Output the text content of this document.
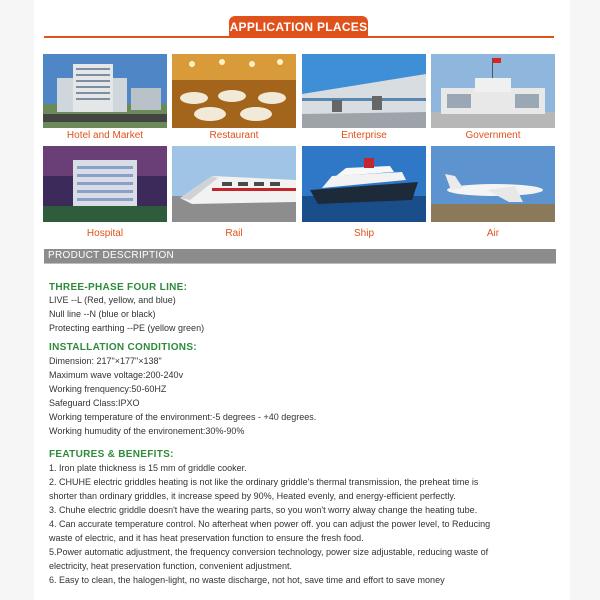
APPLICATION PLACES
Hotel and Market	Restaurant	Enterprise	Government
Hospital	Rail	Ship	Air
PRODUCT DESCRIPTION
THREE-PHASE FOUR LINE:
LIVE --L (Red, yellow, and blue)
Null line --N (blue or black)
Protecting earthing --PE (yellow green)
INSTALLATION CONDITIONS:
Dimension: 217"×177"×138"
Maximum wave voltage:200-240v
Working frenquency:50-60HZ
Safeguard Class:IPXO
Working temperature of the environment:-5 degrees - +40 degrees.
Working humudity of the environement:30%-90%
FEATURES & BENEFITS:
1. Iron plate thickness is 15 mm of griddle cooker.
2. CHUHE electric griddles heating is not like the ordinary griddle's thermal transmission, the preheat time is
shorter than ordinary griddles, it increase speed by 90%, Heated evenly, and energy-efficient perfectly.
3. Chuhe electric griddle doesn't have the wearing parts, so you won't worry alway change the heating tube.
4. Can accurate temperature control. No afterheat when power off. you can adjust the power level, to Reducing
waste of electric, and it has heat preservation function to ensure the fresh food.
5.Power automatic adjustment, the frequency conversion technology, power size adjustable, reducing waste of
electricity, heat preservation function, convenient adjustment.
6. Easy to clean, the halogen-light, no waste discharge, not hot, save time and effort to save money
